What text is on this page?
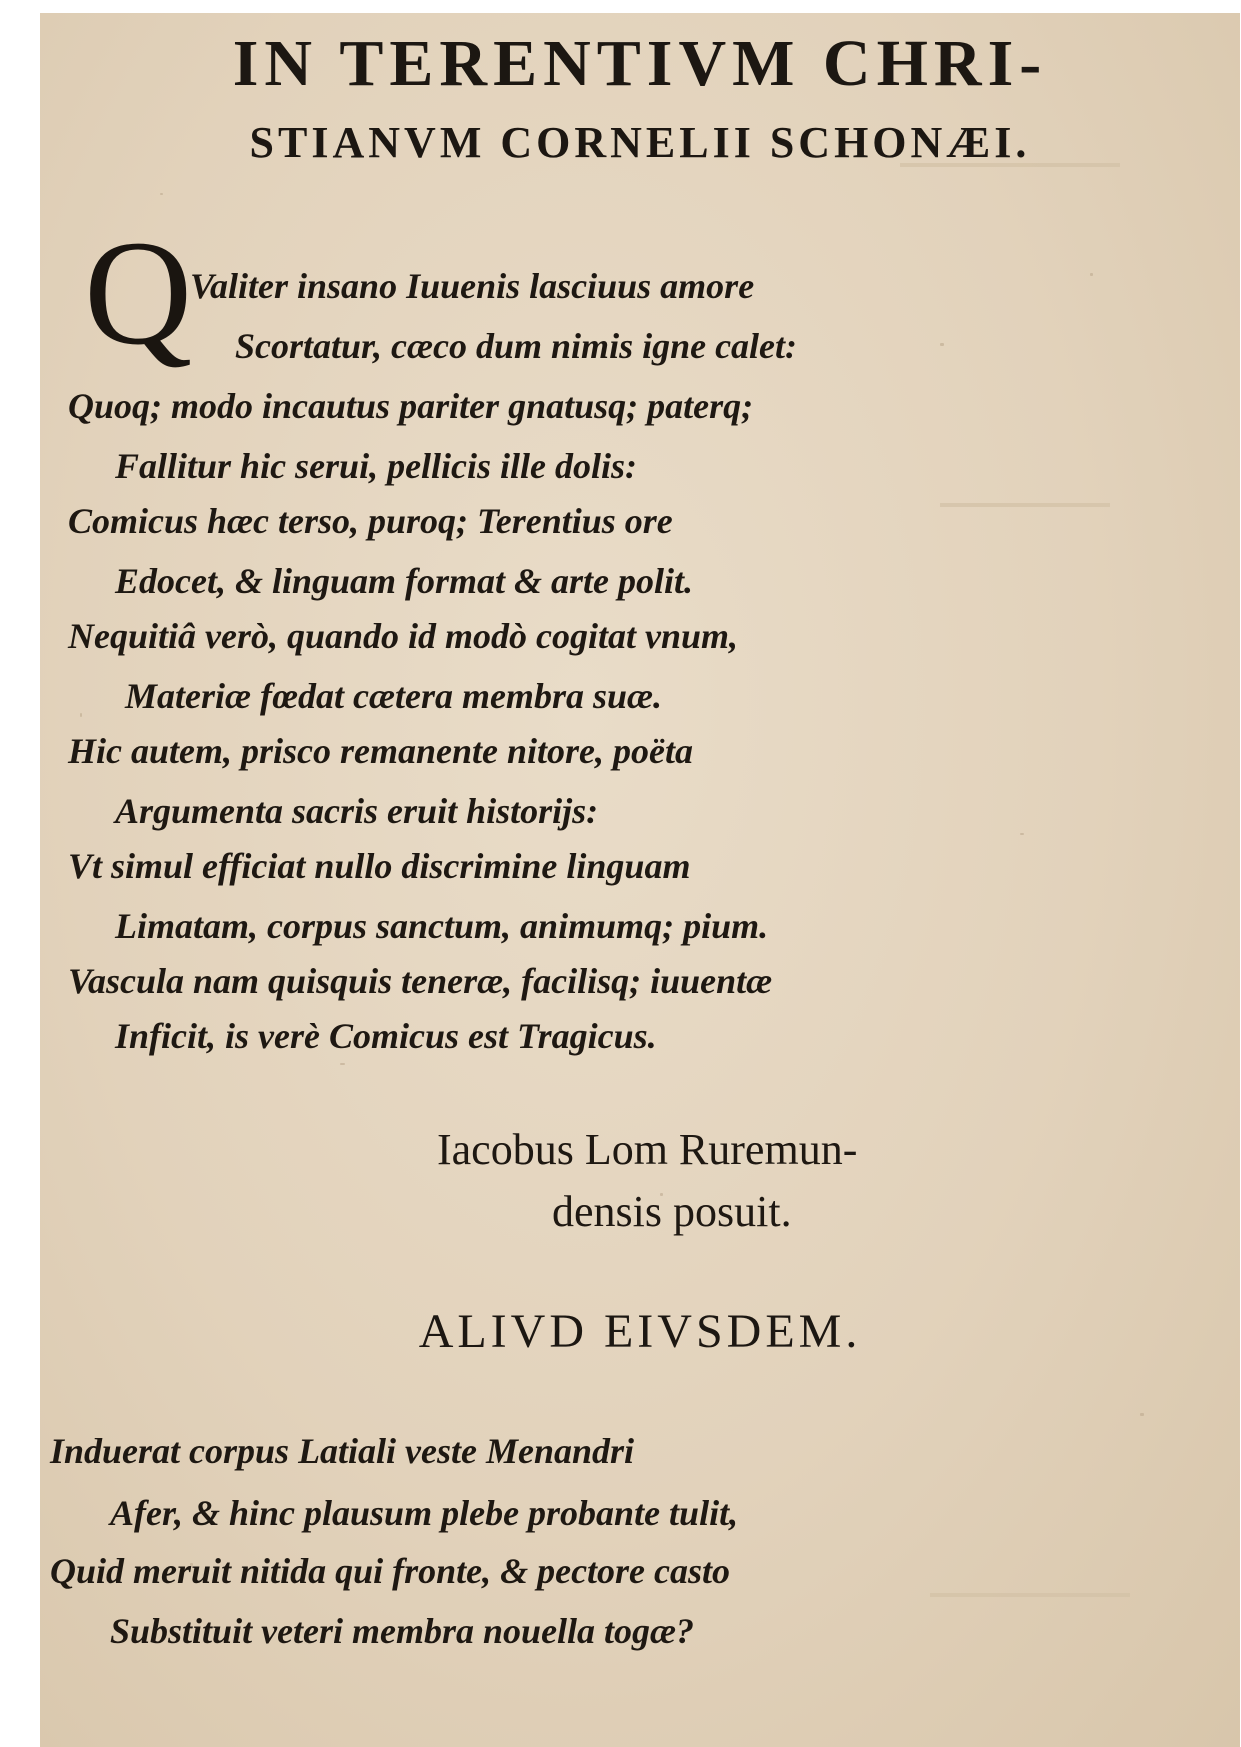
IN TERENTIVM CHRI-
STIANVM CORNELII SCHONÆI.
Q
Valiter insano Iuuenis lasciuus amore
Scortatur, cæco dum nimis igne calet:
Quoq; modo incautus pariter gnatusq; paterq;
Fallitur hic serui, pellicis ille dolis:
Comicus hæc terso, puroq; Terentius ore
Edocet, & linguam format & arte polit.
Nequitiâ verò, quando id modò cogitat vnum,
Materiæ fœdat cætera membra suæ.
Hic autem, prisco remanente nitore, poëta
Argumenta sacris eruit historijs:
Vt simul efficiat nullo discrimine linguam
Limatam, corpus sanctum, animumq; pium.
Vascula nam quisquis teneræ, facilisq; iuuentæ
Inficit, is verè Comicus est Tragicus.
Iacobus Lom Ruremun-
densis posuit.
ALIVD EIVSDEM.
Induerat corpus Latiali veste Menandri
Afer, & hinc plausum plebe probante tulit,
Quid meruit nitida qui fronte, & pectore casto
Substituit veteri membra nouella togæ?
